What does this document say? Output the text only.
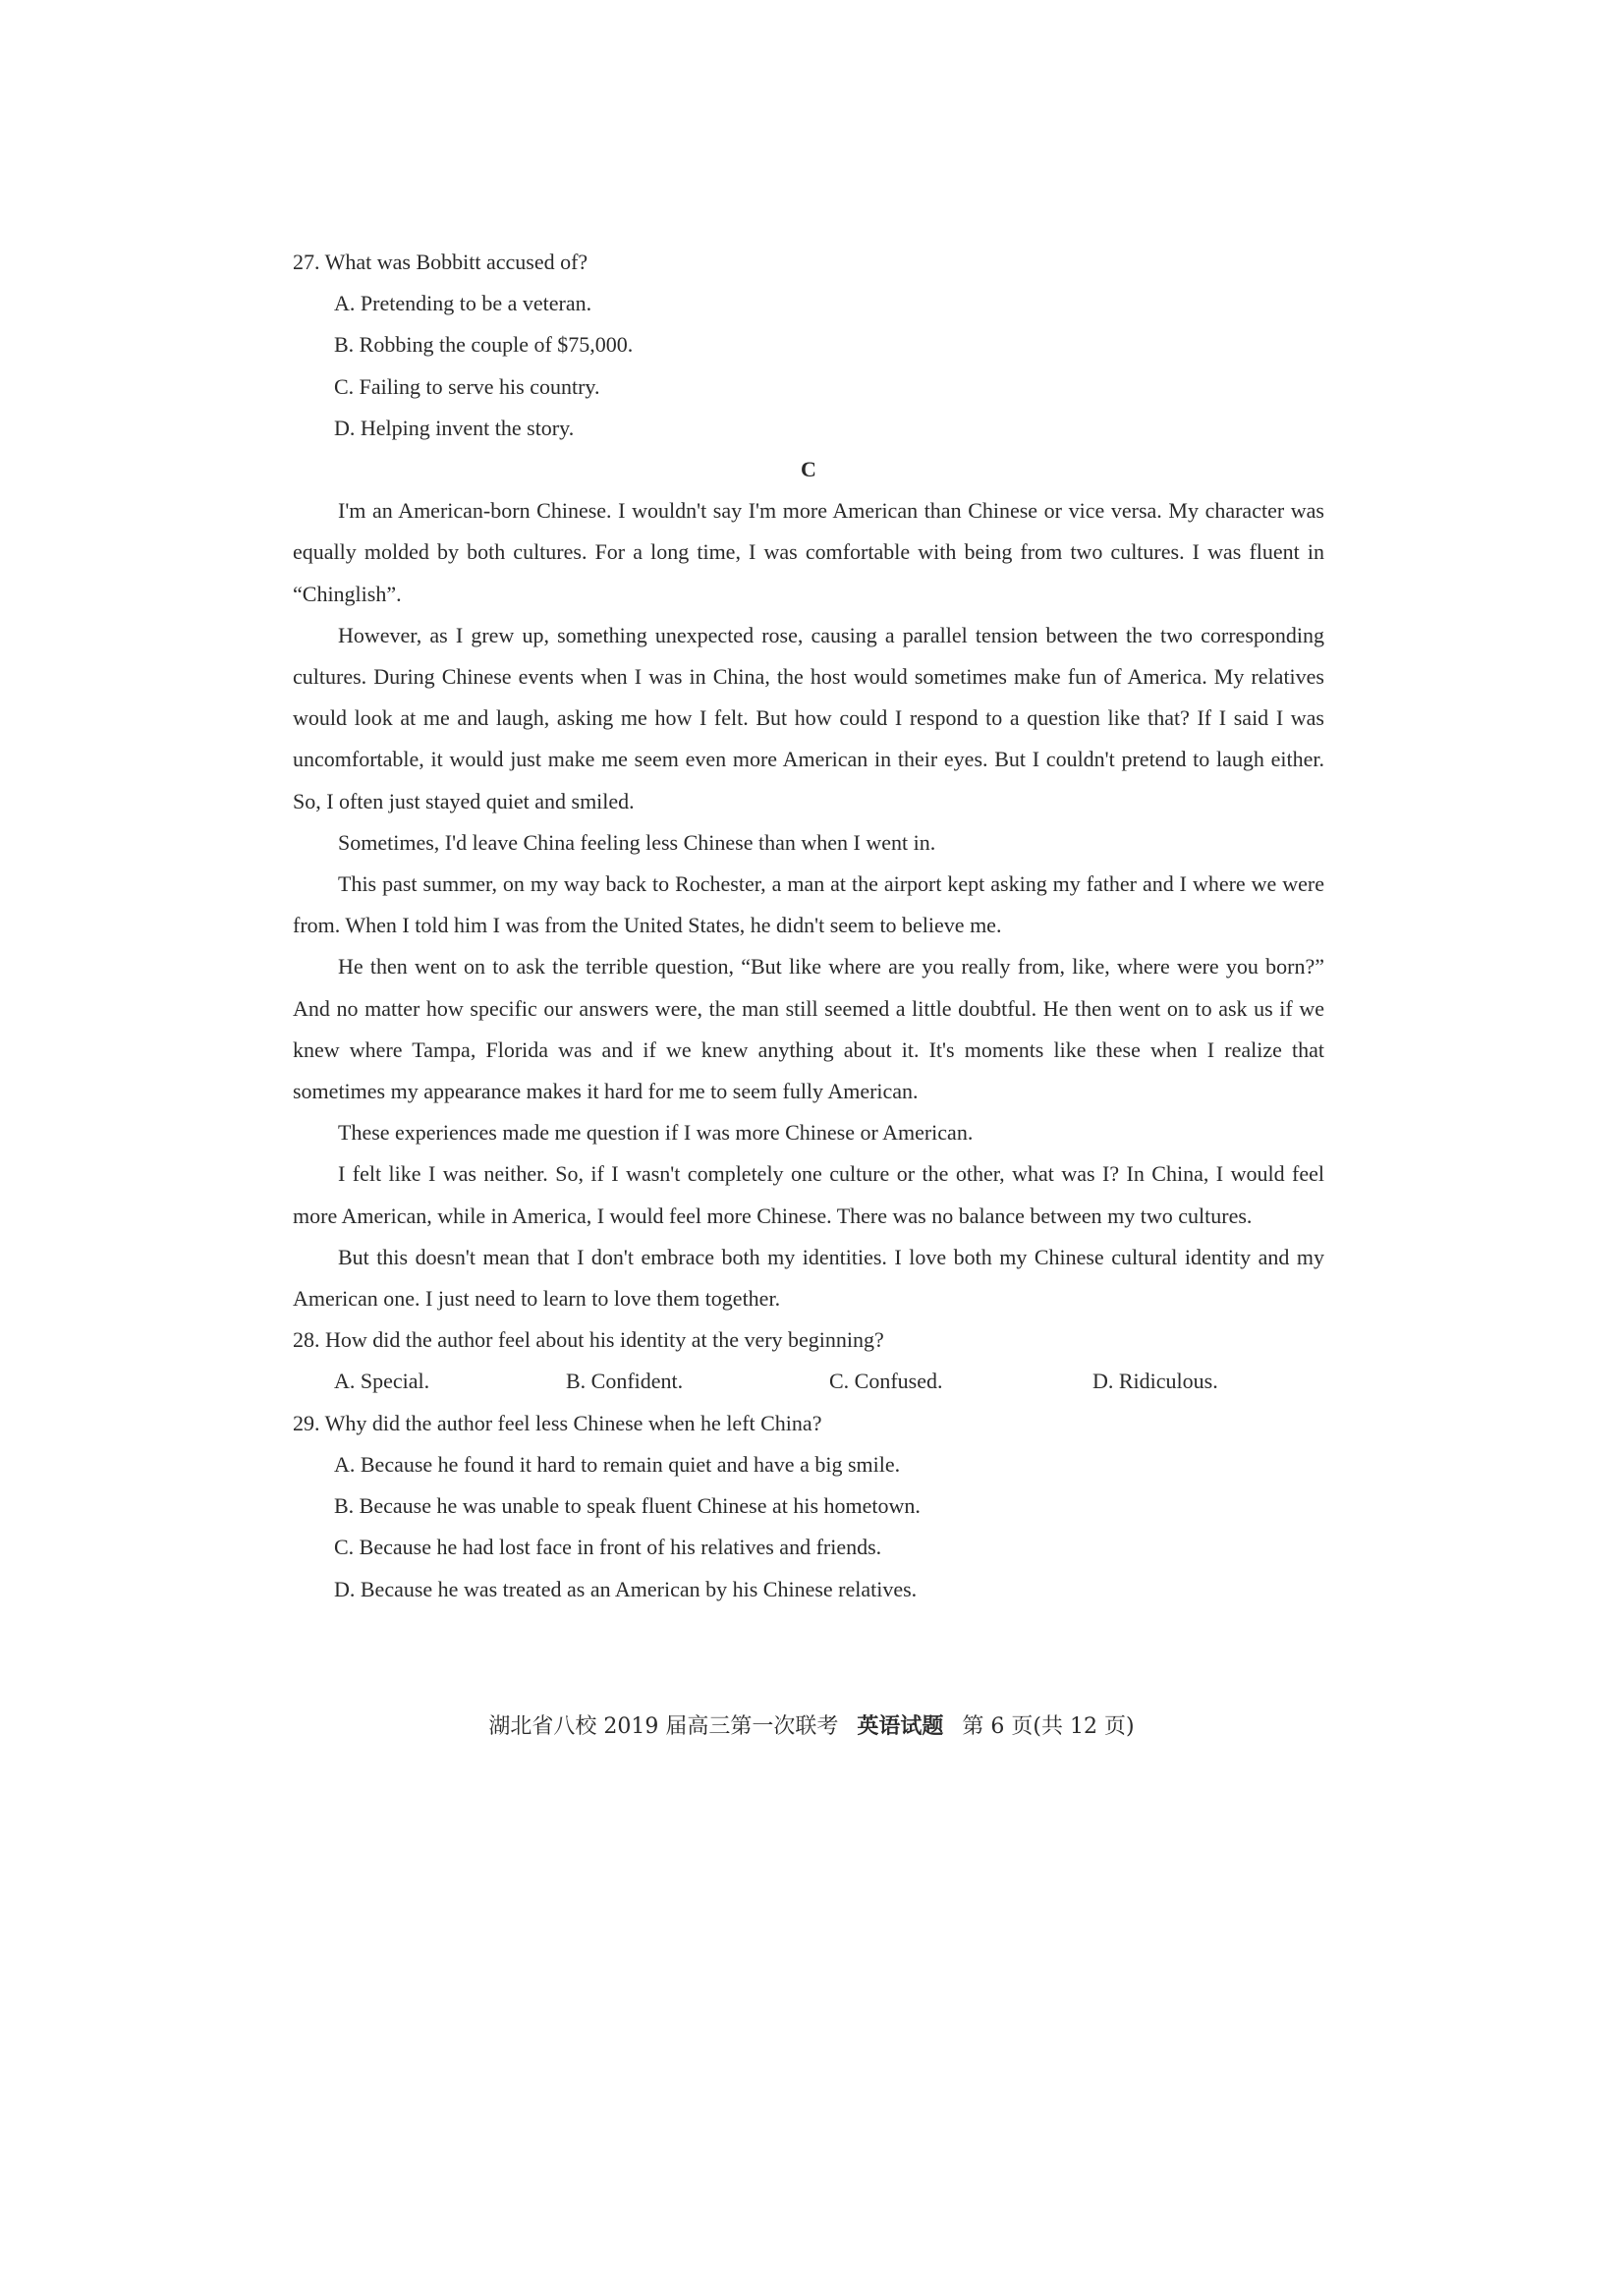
27. What was Bobbitt accused of?

A. Pretending to be a veteran.

B. Robbing the couple of $75,000.

C. Failing to serve his country.

D. Helping invent the story.

C

I'm an American-born Chinese. I wouldn't say I'm more American than Chinese or vice versa. My character was equally molded by both cultures. For a long time, I was comfortable with being from two cultures. I was fluent in “Chinglish”.

However, as I grew up, something unexpected rose, causing a parallel tension between the two corresponding cultures. During Chinese events when I was in China, the host would sometimes make fun of America. My relatives would look at me and laugh, asking me how I felt. But how could I respond to a question like that? If I said I was uncomfortable, it would just make me seem even more American in their eyes. But I couldn't pretend to laugh either. So, I often just stayed quiet and smiled.

Sometimes, I'd leave China feeling less Chinese than when I went in.

This past summer, on my way back to Rochester, a man at the airport kept asking my father and I where we were from. When I told him I was from the United States, he didn't seem to believe me.

He then went on to ask the terrible question, “But like where are you really from, like, where were you born?” And no matter how specific our answers were, the man still seemed a little doubtful. He then went on to ask us if we knew where Tampa, Florida was and if we knew anything about it. It's moments like these when I realize that sometimes my appearance makes it hard for me to seem fully American.

These experiences made me question if I was more Chinese or American.

I felt like I was neither. So, if I wasn't completely one culture or the other, what was I? In China, I would feel more American, while in America, I would feel more Chinese. There was no balance between my two cultures.

But this doesn't mean that I don't embrace both my identities. I love both my Chinese cultural identity and my American one. I just need to learn to love them together.

28. How did the author feel about his identity at the very beginning?

A. Special.	B. Confident.	C. Confused.	D. Ridiculous.

29. Why did the author feel less Chinese when he left China?

A. Because he found it hard to remain quiet and have a big smile.

B. Because he was unable to speak fluent Chinese at his hometown.

C. Because he had lost face in front of his relatives and friends.

D. Because he was treated as an American by his Chinese relatives.

湖北省八校 2019 届高三第一次联考 英语试题 第 6 页(共 12 页)
